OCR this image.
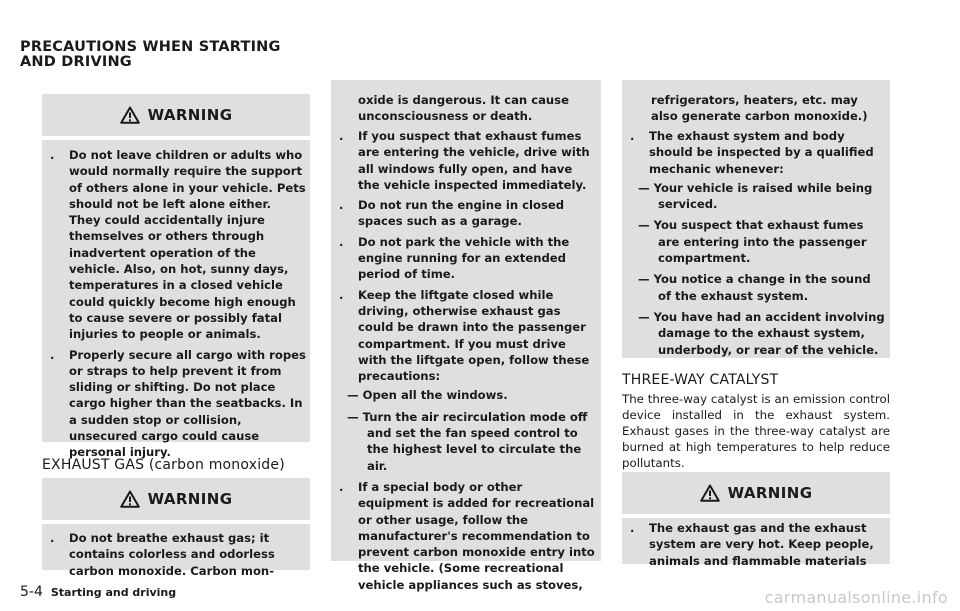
PRECAUTIONS WHEN STARTING
AND DRIVING
WARNING
. Do not leave children or adults who would normally require the support of others alone in your vehicle. Pets should not be left alone either. They could accidentally injure themselves or others through inadvertent operation of the vehicle. Also, on hot, sunny days, temperatures in a closed vehicle could quickly become high enough to cause severe or possibly fatal injuries to people or animals.
. Properly secure all cargo with ropes or straps to help prevent it from sliding or shifting. Do not place cargo higher than the seatbacks. In a sudden stop or collision, unsecured cargo could cause personal injury.
EXHAUST GAS (carbon monoxide)
WARNING
. Do not breathe exhaust gas; it contains colorless and odorless carbon monoxide. Carbon mon-
oxide is dangerous. It can cause unconsciousness or death.
. If you suspect that exhaust fumes are entering the vehicle, drive with all windows fully open, and have the vehicle inspected immediately.
. Do not run the engine in closed spaces such as a garage.
. Do not park the vehicle with the engine running for an extended period of time.
. Keep the liftgate closed while driving, otherwise exhaust gas could be drawn into the passenger compartment. If you must drive with the liftgate open, follow these precautions:
— Open all the windows.
— Turn the air recirculation mode off and set the fan speed control to the highest level to circulate the air.
. If a special body or other equipment is added for recreational or other usage, follow the manufacturer's recommendation to prevent carbon monoxide entry into the vehicle. (Some recreational vehicle appliances such as stoves,
refrigerators, heaters, etc. may also generate carbon monoxide.)
. The exhaust system and body should be inspected by a qualified mechanic whenever:
— Your vehicle is raised while being serviced.
— You suspect that exhaust fumes are entering into the passenger compartment.
— You notice a change in the sound of the exhaust system.
— You have had an accident involving damage to the exhaust system, underbody, or rear of the vehicle.
THREE-WAY CATALYST
The three-way catalyst is an emission control device installed in the exhaust system. Exhaust gases in the three-way catalyst are burned at high temperatures to help reduce pollutants.
WARNING
. The exhaust gas and the exhaust system are very hot. Keep people, animals and flammable materials
5-4 Starting and driving	carmanualsonline.info
